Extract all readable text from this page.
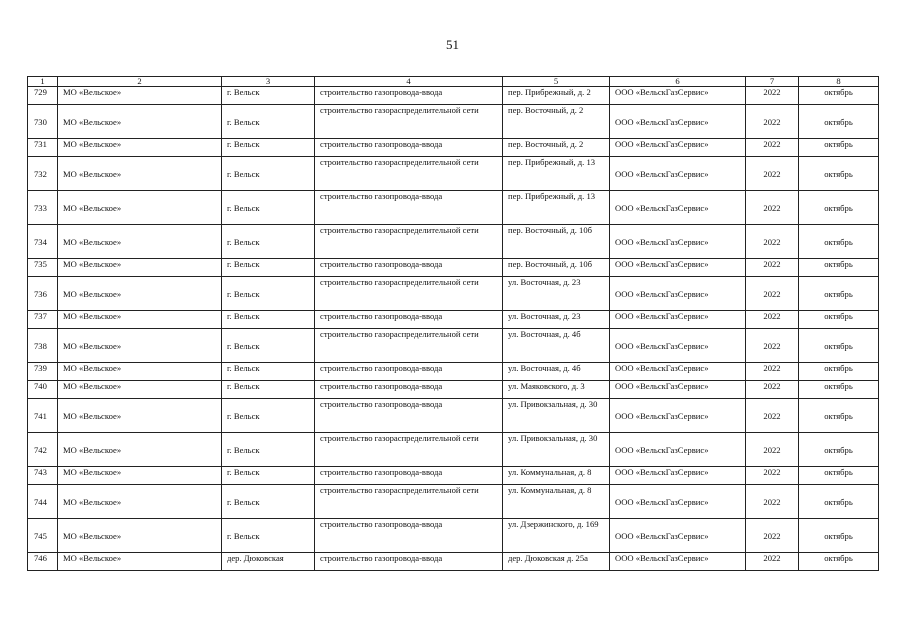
51
1	2	3	4	5	6	7	8
729	МО «Вельское»	г. Вельск	строительство газопровода-ввода	пер. Прибрежный, д. 2	ООО «ВельскГазСервис»	2022	октябрь
730	МО «Вельское»	г. Вельск	строительство газораспределительной сети	пер. Восточный, д. 2	ООО «ВельскГазСервис»	2022	октябрь
731	МО «Вельское»	г. Вельск	строительство газопровода-ввода	пер. Восточный, д. 2	ООО «ВельскГазСервис»	2022	октябрь
732	МО «Вельское»	г. Вельск	строительство газораспределительной сети	пер. Прибрежный, д. 13	ООО «ВельскГазСервис»	2022	октябрь
733	МО «Вельское»	г. Вельск	строительство газопровода-ввода	пер. Прибрежный, д. 13	ООО «ВельскГазСервис»	2022	октябрь
734	МО «Вельское»	г. Вельск	строительство газораспределительной сети	пер. Восточный, д. 10б	ООО «ВельскГазСервис»	2022	октябрь
735	МО «Вельское»	г. Вельск	строительство газопровода-ввода	пер. Восточный, д. 10б	ООО «ВельскГазСервис»	2022	октябрь
736	МО «Вельское»	г. Вельск	строительство газораспределительной сети	ул. Восточная, д. 23	ООО «ВельскГазСервис»	2022	октябрь
737	МО «Вельское»	г. Вельск	строительство газопровода-ввода	ул. Восточная, д. 23	ООО «ВельскГазСервис»	2022	октябрь
738	МО «Вельское»	г. Вельск	строительство газораспределительной сети	ул. Восточная, д. 4б	ООО «ВельскГазСервис»	2022	октябрь
739	МО «Вельское»	г. Вельск	строительство газопровода-ввода	ул. Восточная, д. 4б	ООО «ВельскГазСервис»	2022	октябрь
740	МО «Вельское»	г. Вельск	строительство газопровода-ввода	ул. Маяковского, д. 3	ООО «ВельскГазСервис»	2022	октябрь
741	МО «Вельское»	г. Вельск	строительство газопровода-ввода	ул. Привокзальная, д. 30	ООО «ВельскГазСервис»	2022	октябрь
742	МО «Вельское»	г. Вельск	строительство газораспределительной сети	ул. Привокзальная, д. 30	ООО «ВельскГазСервис»	2022	октябрь
743	МО «Вельское»	г. Вельск	строительство газопровода-ввода	ул. Коммунальная, д. 8	ООО «ВельскГазСервис»	2022	октябрь
744	МО «Вельское»	г. Вельск	строительство газораспределительной сети	ул. Коммунальная, д. 8	ООО «ВельскГазСервис»	2022	октябрь
745	МО «Вельское»	г. Вельск	строительство газопровода-ввода	ул. Дзержинского, д. 169	ООО «ВельскГазСервис»	2022	октябрь
746	МО «Вельское»	дер. Дюковская	строительство газопровода-ввода	дер. Дюковская д. 25а	ООО «ВельскГазСервис»	2022	октябрь
